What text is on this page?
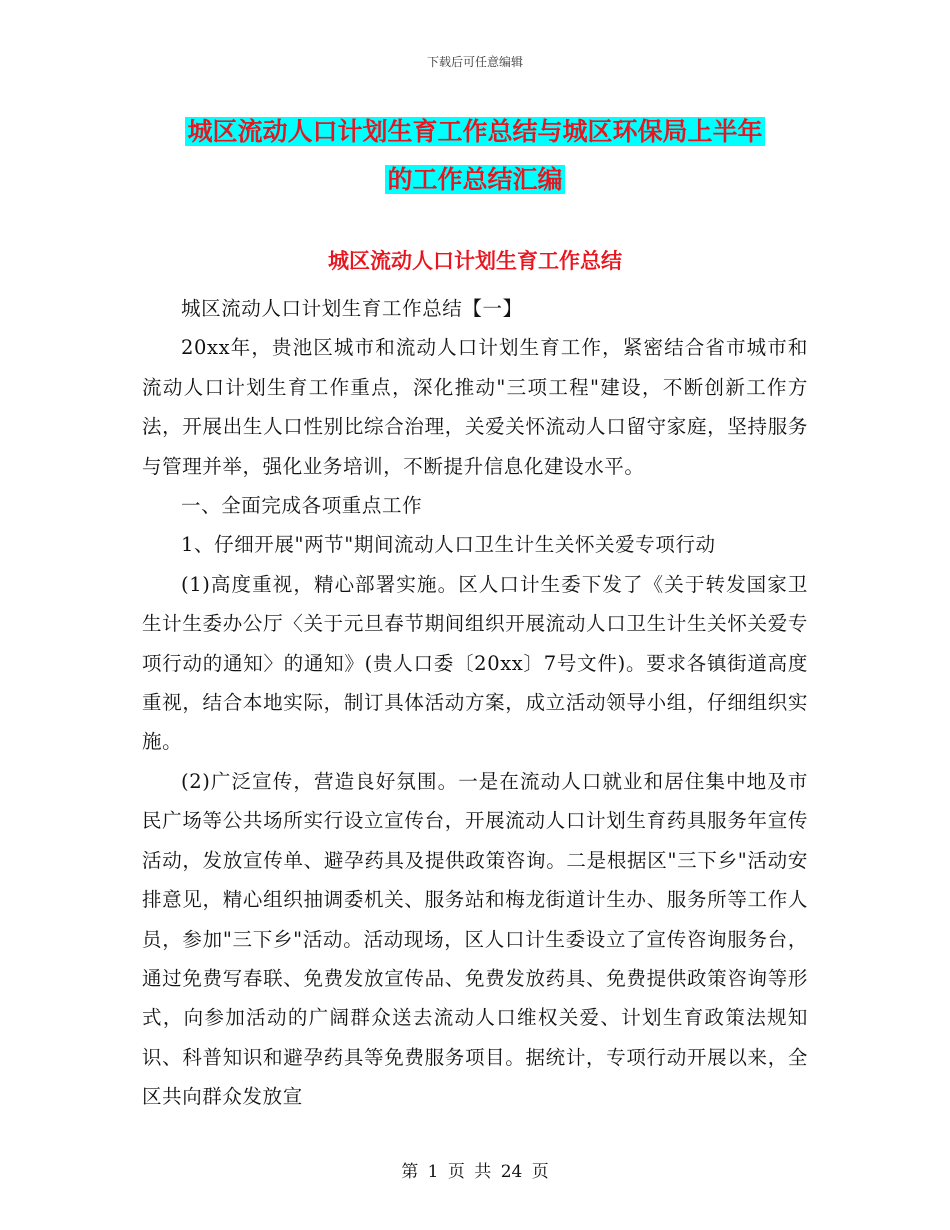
下载后可任意编辑
城区流动人口计划生育工作总结与城区环保局上半年
的工作总结汇编
城区流动人口计划生育工作总结

城区流动人口计划生育工作总结【一】

20xx年，贵池区城市和流动人口计划生育工作，紧密结合省市城市和流动人口计划生育工作重点，深化推动"三项工程"建设，不断创新工作方法，开展出生人口性别比综合治理，关爱关怀流动人口留守家庭，坚持服务与管理并举，强化业务培训，不断提升信息化建设水平。

一、全面完成各项重点工作

1、仔细开展"两节"期间流动人口卫生计生关怀关爱专项行动

(1)高度重视，精心部署实施。区人口计生委下发了《关于转发国家卫生计生委办公厅〈关于元旦春节期间组织开展流动人口卫生计生关怀关爱专项行动的通知〉的通知》(贵人口委〔20xx〕7号文件)。要求各镇街道高度重视，结合本地实际，制订具体活动方案，成立活动领导小组，仔细组织实施。

(2)广泛宣传，营造良好氛围。一是在流动人口就业和居住集中地及市民广场等公共场所实行设立宣传台，开展流动人口计划生育药具服务年宣传活动，发放宣传单、避孕药具及提供政策咨询。二是根据区"三下乡"活动安排意见，精心组织抽调委机关、服务站和梅龙街道计生办、服务所等工作人员，参加"三下乡"活动。活动现场，区人口计生委设立了宣传咨询服务台，通过免费写春联、免费发放宣传品、免费发放药具、免费提供政策咨询等形式，向参加活动的广阔群众送去流动人口维权关爱、计划生育政策法规知识、科普知识和避孕药具等免费服务项目。据统计，专项行动开展以来，全区共向群众发放宣

第 1 页 共 24 页
